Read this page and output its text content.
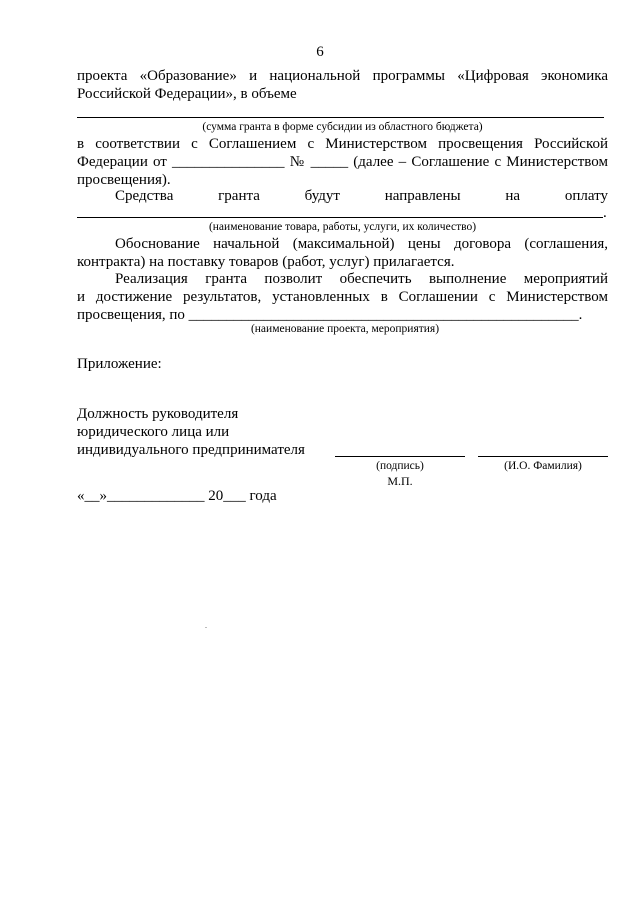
6
проекта «Образование» и национальной программы «Цифровая экономика
Российской Федерации», в объеме
(сумма гранта в форме субсидии из областного бюджета)
в соответствии с Соглашением с Министерством просвещения Российской
Федерации от _______________ № _____ (далее – Соглашение с Министерством
просвещения).
Средства гранта будут направлены на оплату
.
(наименование товара, работы, услуги, их количество)
Обоснование начальной (максимальной) цены договора (соглашения,
контракта) на поставку товаров (работ, услуг) прилагается.
Реализация гранта позволит обеспечить выполнение мероприятий
и достижение результатов, установленных в Соглашении с Министерством
просвещения, по ____________________________________________________.
(наименование проекта, мероприятия)
Приложение:
Должность руководителя
юридического лица или
индивидуального предпринимателя
(подпись)	(И.О. Фамилия)
М.П.
«__»_____________ 20___ года
